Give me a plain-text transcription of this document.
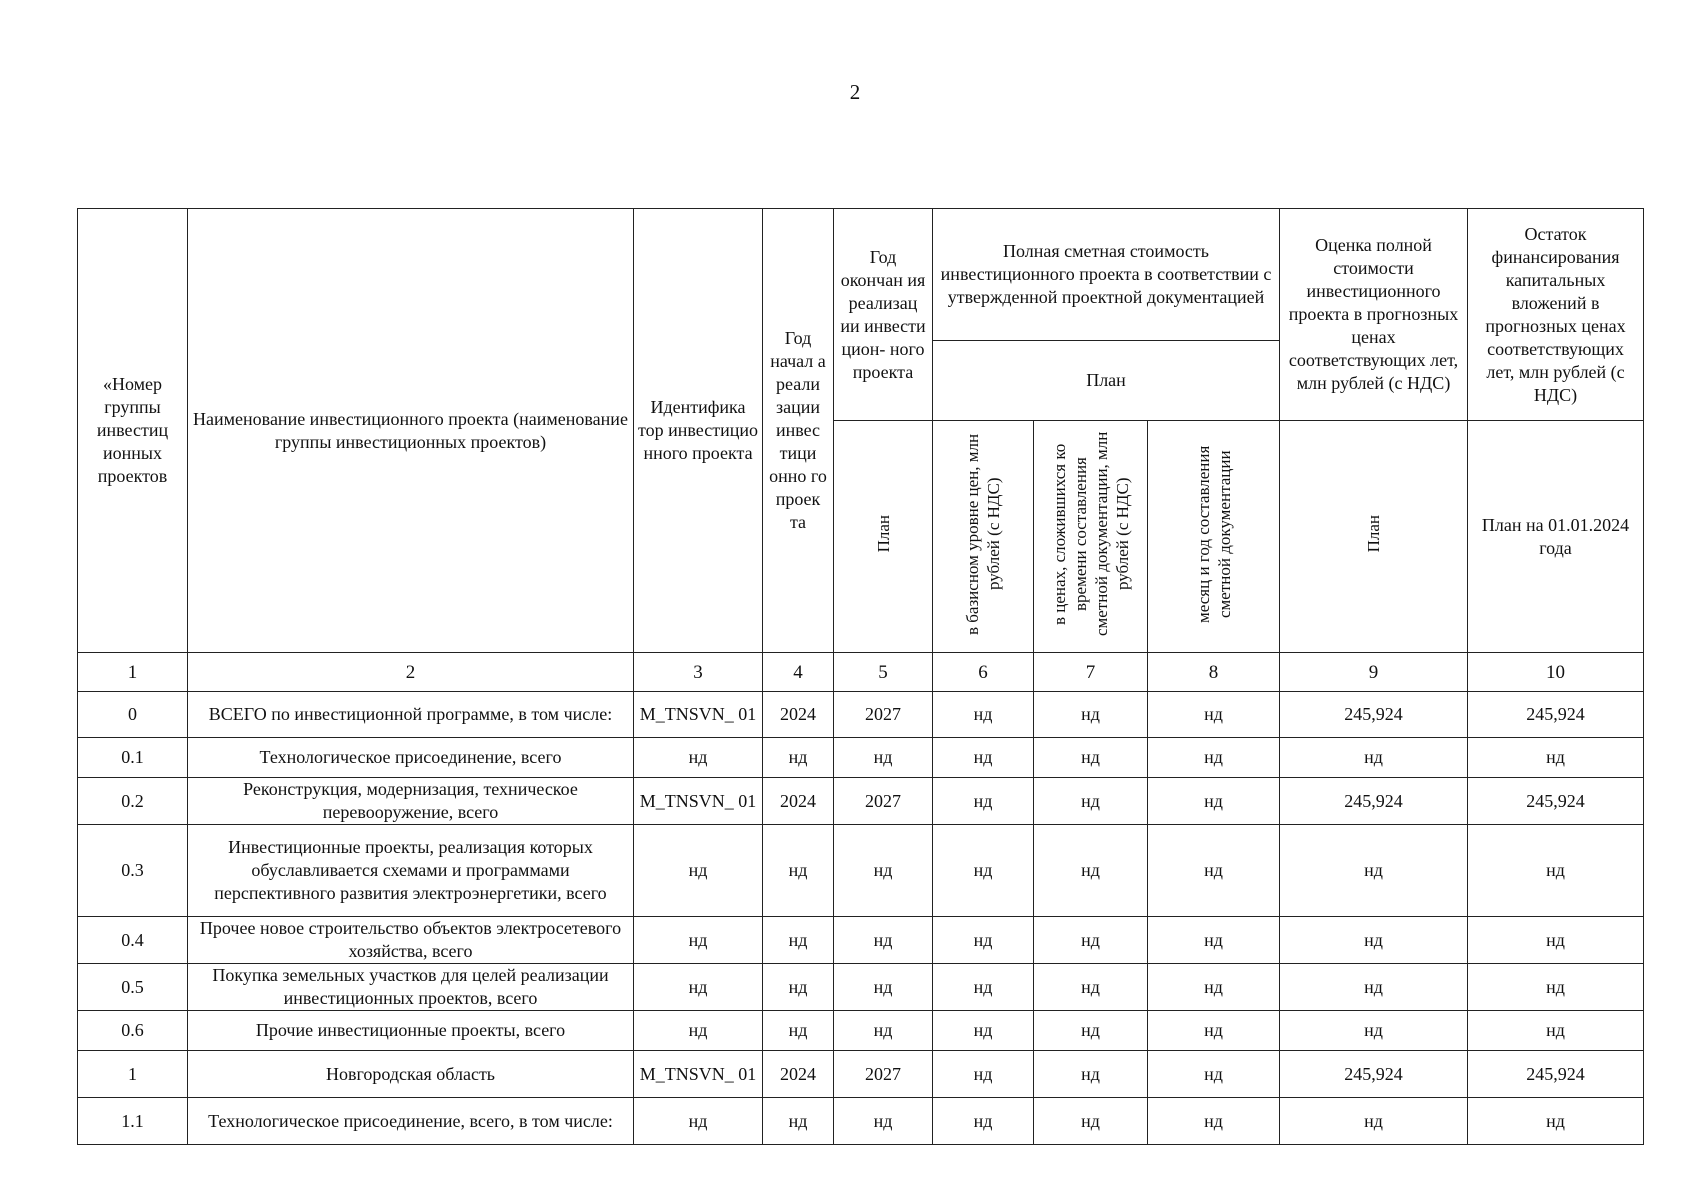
2
«Номер группы инвестиц ионных проектов	Наименование инвестиционного проекта (наименование группы инвестиционных проектов)	Идентифика тор инвестицио нного проекта	Год начал а реали зации инвес тици онно го проек та	Год окончан ия реализац ии инвести цион- ного проекта	Полная сметная стоимость инвестиционного проекта в соответствии с утвержденной проектной документацией			Оценка полной стоимости инвестиционного проекта в прогнозных ценах соответствующих лет, млн рублей (с НДС)	Остаток финансирования капитальных вложений в прогнозных ценах соответствующих лет, млн рублей (с НДС)
					План				
				План	в базисном уровне цен, млн рублей (с НДС)	в ценах, сложившихся ко времени составления сметной документации, млн рублей (с НДС)	месяц и год составления сметной документации	План	План на 01.01.2024 года
1	2	3	4	5	6	7	8	9	10
0	ВСЕГО по инвестиционной программе, в том числе:	M_TNSVN_ 01	2024	2027	нд	нд	нд	245,924	245,924
0.1	Технологическое присоединение, всего	нд	нд	нд	нд	нд	нд	нд	нд
0.2	Реконструкция, модернизация, техническое перевооружение, всего	M_TNSVN_ 01	2024	2027	нд	нд	нд	245,924	245,924
0.3	Инвестиционные проекты, реализация которых обуславливается схемами и программами перспективного развития электроэнергетики, всего	нд	нд	нд	нд	нд	нд	нд	нд
0.4	Прочее новое строительство объектов электросетевого хозяйства, всего	нд	нд	нд	нд	нд	нд	нд	нд
0.5	Покупка земельных участков для целей реализации инвестиционных проектов, всего	нд	нд	нд	нд	нд	нд	нд	нд
0.6	Прочие инвестиционные проекты, всего	нд	нд	нд	нд	нд	нд	нд	нд
1	Новгородская область	M_TNSVN_ 01	2024	2027	нд	нд	нд	245,924	245,924
1.1	Технологическое присоединение, всего, в том числе:	нд	нд	нд	нд	нд	нд	нд	нд
